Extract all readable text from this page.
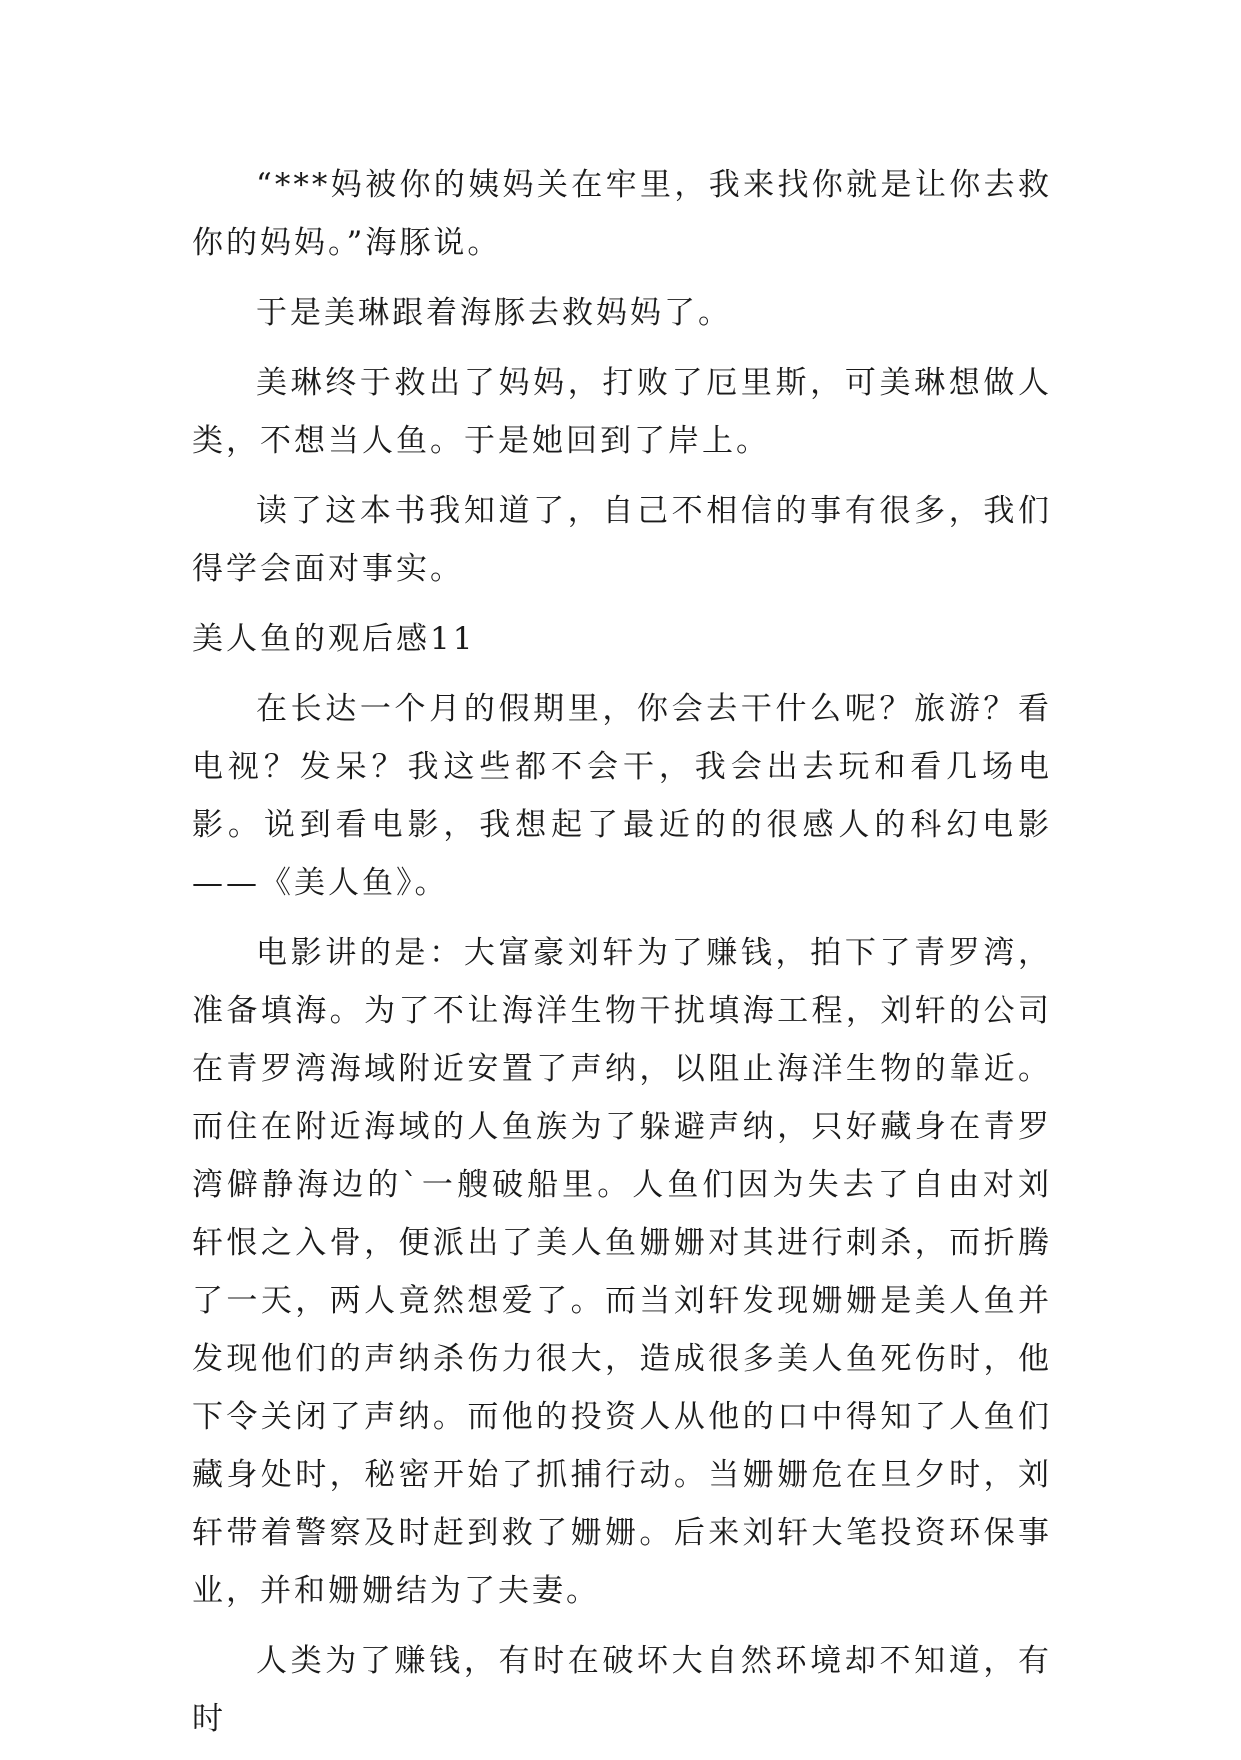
“***妈被你的姨妈关在牢里，我来找你就是让你去救你的妈妈。”海豚说。

于是美琳跟着海豚去救妈妈了。

美琳终于救出了妈妈，打败了厄里斯，可美琳想做人类，不想当人鱼。于是她回到了岸上。

读了这本书我知道了，自己不相信的事有很多，我们得学会面对事实。

美人鱼的观后感11

在长达一个月的假期里，你会去干什么呢？旅游？看电视？发呆？我这些都不会干，我会出去玩和看几场电影。说到看电影，我想起了最近的的很感人的科幻电影——《美人鱼》。

电影讲的是：大富豪刘轩为了赚钱，拍下了青罗湾，准备填海。为了不让海洋生物干扰填海工程，刘轩的公司在青罗湾海域附近安置了声纳，以阻止海洋生物的靠近。而住在附近海域的人鱼族为了躲避声纳，只好藏身在青罗湾僻静海边的`一艘破船里。人鱼们因为失去了自由对刘轩恨之入骨，便派出了美人鱼姗姗对其进行刺杀，而折腾了一天，两人竟然想爱了。而当刘轩发现姗姗是美人鱼并发现他们的声纳杀伤力很大，造成很多美人鱼死伤时，他下令关闭了声纳。而他的投资人从他的口中得知了人鱼们藏身处时，秘密开始了抓捕行动。当姗姗危在旦夕时，刘轩带着警察及时赶到救了姗姗。后来刘轩大笔投资环保事业，并和姗姗结为了夫妻。

人类为了赚钱，有时在破坏大自然环境却不知道，有时
